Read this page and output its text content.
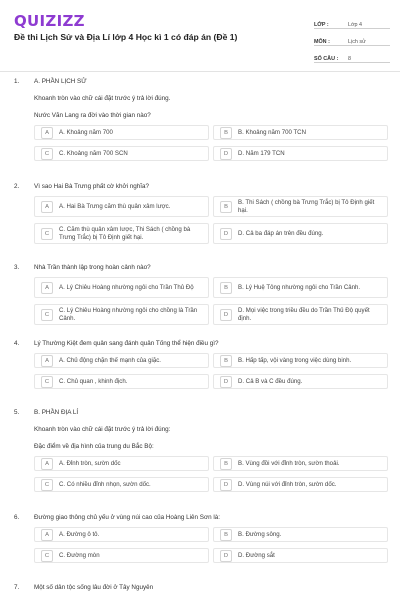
QUIZIZZ
Đề thi Lịch Sử và Địa Lí lớp 4 Học kì 1 có đáp án (Đề 1)
LỚP :	Lớp 4
MÔN :	Lịch sử
SỐ CÂU :	8
1. A. PHẦN LỊCH SỬ
Khoanh tròn vào chữ cái đặt trước ý trả lời đúng.
Nước Văn Lang ra đời vào thời gian nào?
A	A. Khoảng năm 700	B	B. Khoảng năm 700 TCN
C	C. Khoảng năm 700 SCN	D	D. Năm 179 TCN
2. Vì sao Hai Bà Trưng phất cờ khởi nghĩa?
A	A. Hai Bà Trưng căm thù quân xâm lược.	B
B. Thi Sách ( chồng bà Trưng Trắc) bị Tô Định giết hại.
C
C. Căm thù quân xâm lược, Thi Sách ( chồng bà Trưng Trắc) bị Tô Định giết hại.	D	D. Cả ba đáp án trên đều đúng.
3. Nhà Trần thành lập trong hoàn cảnh nào?
A	A. Lý Chiêu Hoàng nhường ngôi cho Trần Thủ Độ	B	B. Lý Huệ Tông nhường ngôi cho Trần Cảnh.
C
C. Lý Chiêu Hoàng nhường ngôi cho chồng là Trần Cảnh.	D
D. Mọi việc trong triều đều do Trần Thủ Độ quyết định.
4. Lý Thường Kiệt đem quân sang đánh quân Tống thể hiện điều gì?
A	A. Chủ động chặn thế mạnh của giặc.	B	B. Hấp tấp, vội vàng trong việc dùng binh.
C	C. Chủ quan , khinh địch.	D	D. Cả B và C đều đúng.
5. B. PHẦN ĐỊA LÍ
Khoanh tròn vào chữ cái đặt trước ý trả lời đúng:
Đặc điểm về địa hình của trung du Bắc Bộ:
A	A. Đỉnh tròn, sườn dốc	B	B. Vùng đồi với đỉnh tròn, sườn thoải.
C	C. Có nhiều đỉnh nhọn, sườn dốc.	D	D. Vùng núi với đỉnh tròn, sườn dốc.
6. Đường giao thông chủ yếu ở vùng núi cao của Hoàng Liên Sơn là:
A	A. Đường ô tô.	B	B. Đường sông.
C	C. Đường mòn	D	D. Đường sắt
7. Một số dân tộc sống lâu đời ở Tây Nguyên
